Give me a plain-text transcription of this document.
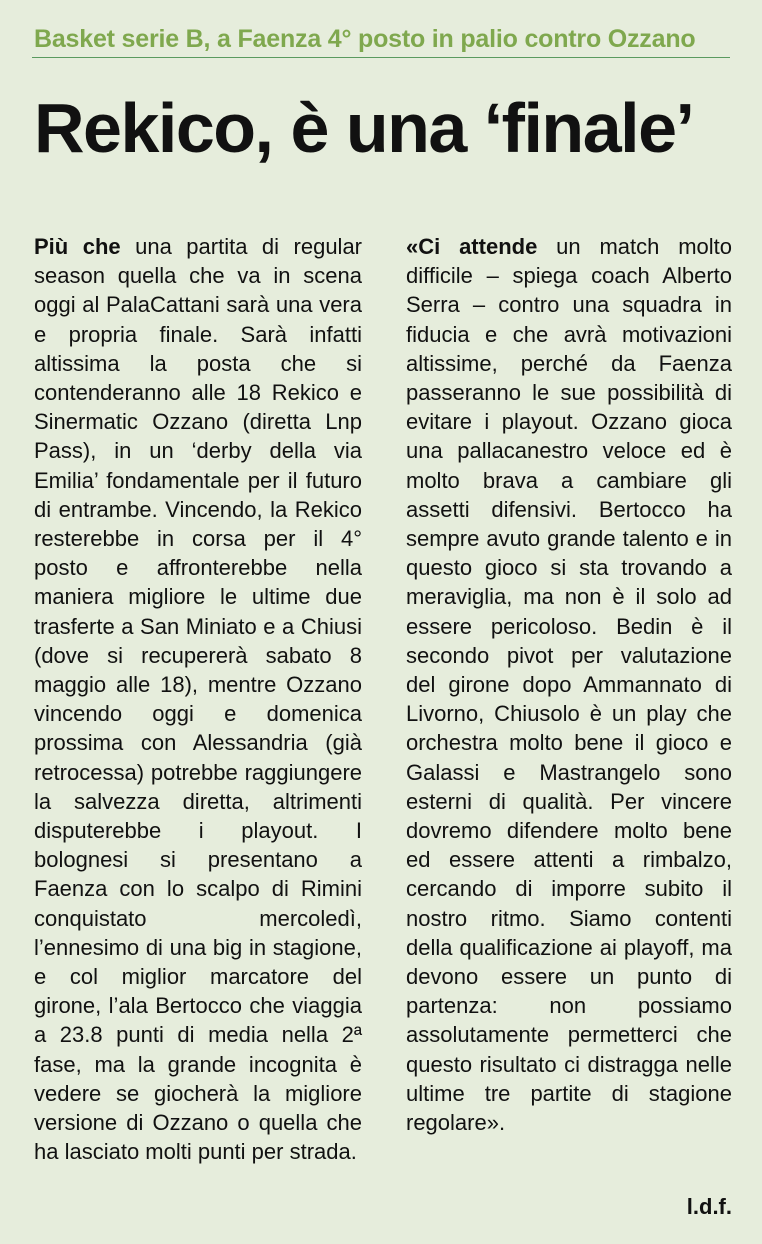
Basket serie B, a Faenza 4° posto in palio contro Ozzano
Rekico, è una ‘finale’

Più che una partita di regular season quella che va in scena oggi al PalaCattani sarà una vera e propria finale. Sarà infatti altissima la posta che si contenderanno alle 18 Rekico e Sinermatic Ozzano (diretta Lnp Pass), in un ‘derby della via Emilia’ fondamentale per il futuro di entrambe. Vincendo, la Rekico resterebbe in corsa per il 4° posto e affronterebbe nella maniera migliore le ultime due trasferte a San Miniato e a Chiusi (dove si recupererà sabato 8 maggio alle 18), mentre Ozzano vincendo oggi e domenica prossima con Alessandria (già retrocessa) potrebbe raggiungere la salvezza diretta, altrimenti disputerebbe i playout. I bolognesi si presentano a Faenza con lo scalpo di Rimini conquistato mercoledì, l’ennesimo di una big in stagione, e col miglior marcatore del girone, l’ala Bertocco che viaggia a 23.8 punti di media nella 2ª fase, ma la grande incognita è vedere se giocherà la migliore versione di Ozzano o quella che ha lasciato molti punti per strada.

«Ci attende un match molto difficile – spiega coach Alberto Serra – contro una squadra in fiducia e che avrà motivazioni altissime, perché da Faenza passeranno le sue possibilità di evitare i playout. Ozzano gioca una pallacanestro veloce ed è molto brava a cambiare gli assetti difensivi. Bertocco ha sempre avuto grande talento e in questo gioco si sta trovando a meraviglia, ma non è il solo ad essere pericoloso. Bedin è il secondo pivot per valutazione del girone dopo Ammannato di Livorno, Chiusolo è un play che orchestra molto bene il gioco e Galassi e Mastrangelo sono esterni di qualità. Per vincere dovremo difendere molto bene ed essere attenti a rimbalzo, cercando di imporre subito il nostro ritmo. Siamo contenti della qualificazione ai playoff, ma devono essere un punto di partenza: non possiamo assolutamente permetterci che questo risultato ci distragga nelle ultime tre partite di stagione regolare».

l.d.f.
